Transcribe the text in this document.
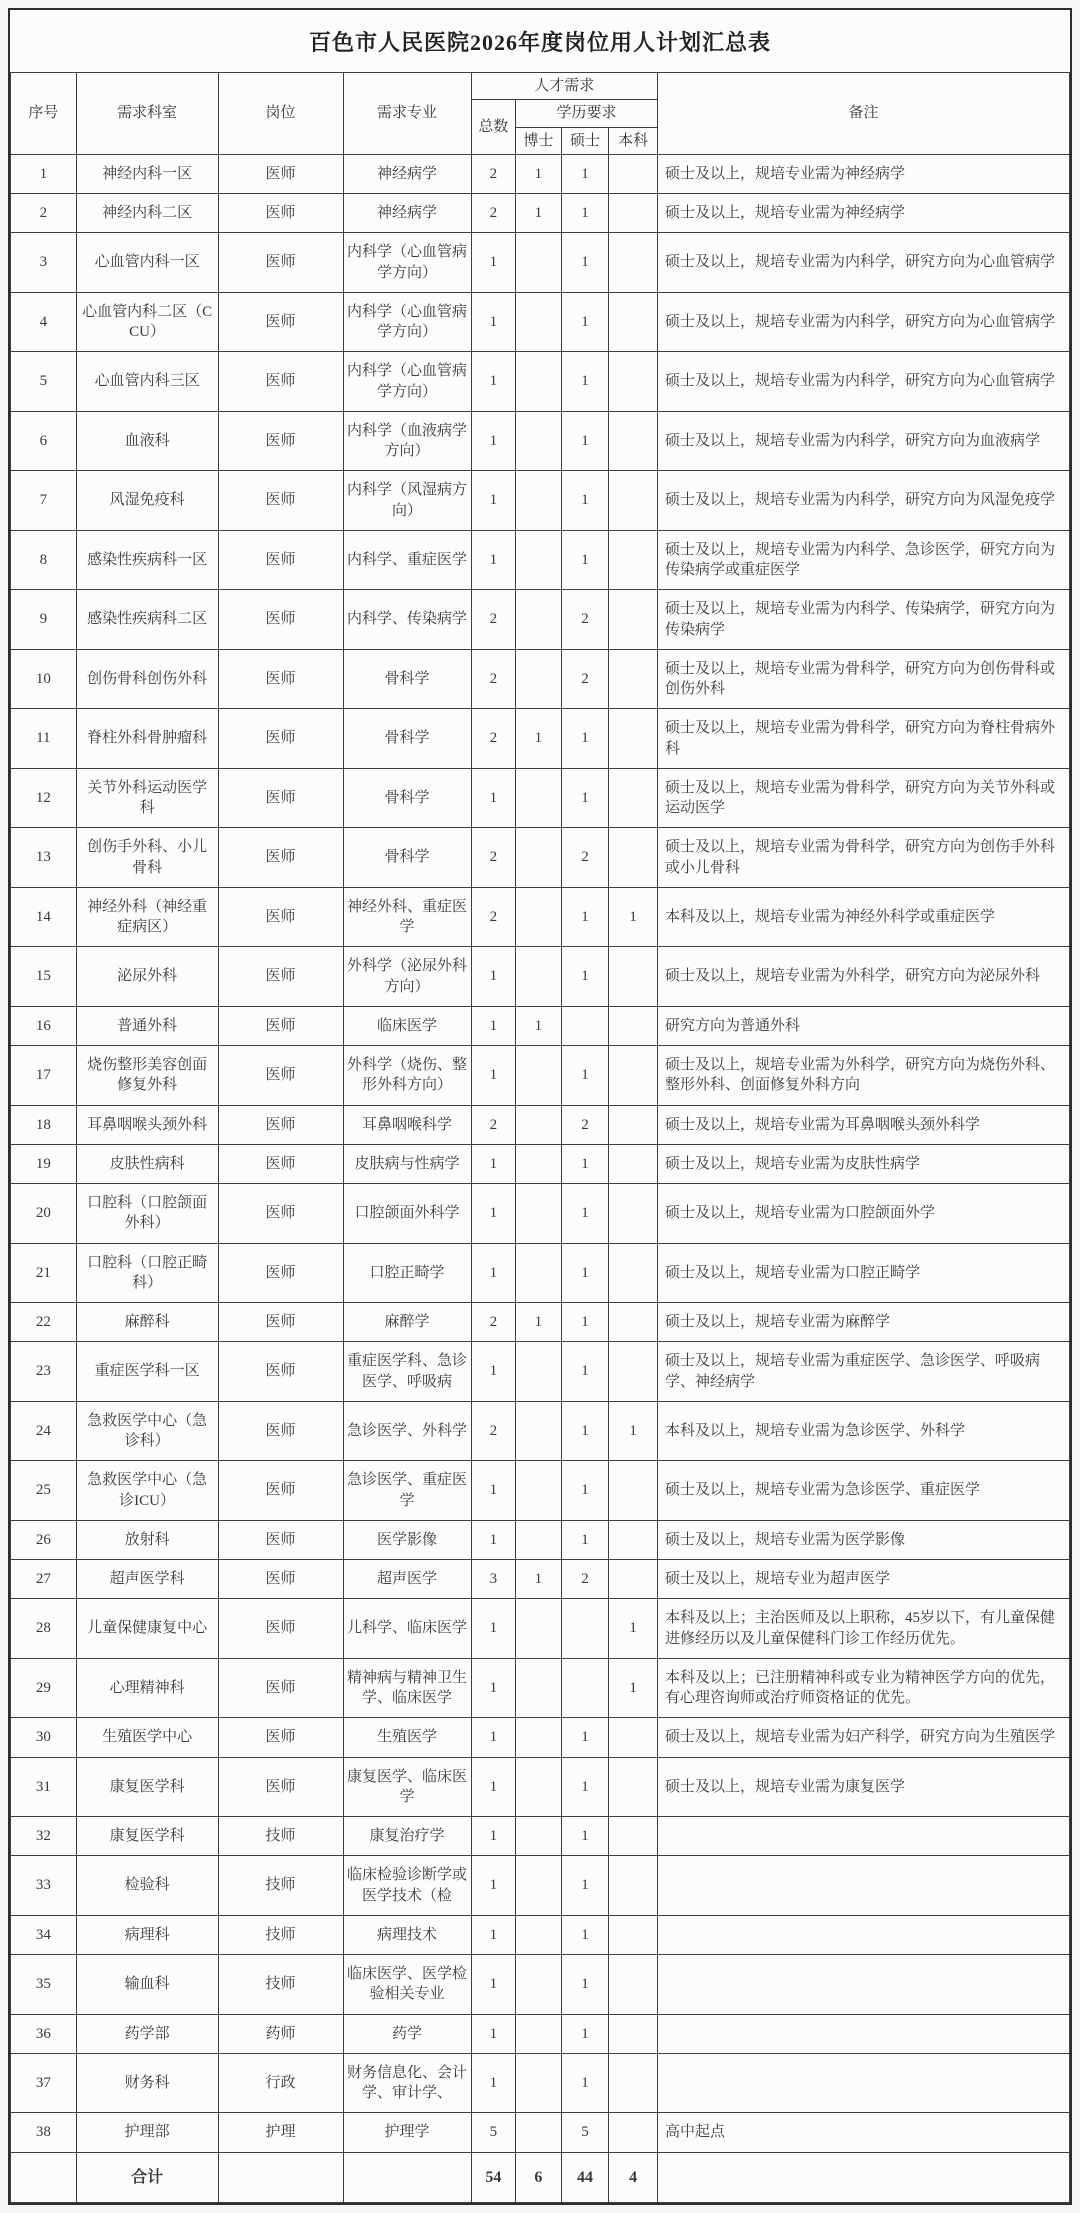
百色市人民医院2026年度岗位用人计划汇总表
序号	需求科室	岗位	需求专业	人才需求				备注
				总数	学历要求			
					博士	硕士	本科	
1	神经内科一区	医师	神经病学	2	1	1		硕士及以上，规培专业需为神经病学
2	神经内科二区	医师	神经病学	2	1	1		硕士及以上，规培专业需为神经病学
3	心血管内科一区	医师	内科学（心血管病学方向）	1		1		硕士及以上，规培专业需为内科学，研究方向为心血管病学
4	心血管内科二区（CCU）	医师	内科学（心血管病学方向）	1		1		硕士及以上，规培专业需为内科学，研究方向为心血管病学
5	心血管内科三区	医师	内科学（心血管病学方向）	1		1		硕士及以上，规培专业需为内科学，研究方向为心血管病学
6	血液科	医师	内科学（血液病学方向）	1		1		硕士及以上，规培专业需为内科学，研究方向为血液病学
7	风湿免疫科	医师	内科学（风湿病方向）	1		1		硕士及以上，规培专业需为内科学，研究方向为风湿免疫学
8	感染性疾病科一区	医师	内科学、重症医学	1		1		硕士及以上，规培专业需为内科学、急诊医学，研究方向为传染病学或重症医学
9	感染性疾病科二区	医师	内科学、传染病学	2		2		硕士及以上，规培专业需为内科学、传染病学，研究方向为传染病学
10	创伤骨科创伤外科	医师	骨科学	2		2		硕士及以上，规培专业需为骨科学，研究方向为创伤骨科或创伤外科
11	脊柱外科骨肿瘤科	医师	骨科学	2	1	1		硕士及以上，规培专业需为骨科学，研究方向为脊柱骨病外科
12	关节外科运动医学科	医师	骨科学	1		1		硕士及以上，规培专业需为骨科学，研究方向为关节外科或运动医学
13	创伤手外科、小儿骨科	医师	骨科学	2		2		硕士及以上，规培专业需为骨科学，研究方向为创伤手外科或小儿骨科
14	神经外科（神经重症病区）	医师	神经外科、重症医学	2		1	1	本科及以上，规培专业需为神经外科学或重症医学
15	泌尿外科	医师	外科学（泌尿外科方向）	1		1		硕士及以上，规培专业需为外科学，研究方向为泌尿外科
16	普通外科	医师	临床医学	1	1			研究方向为普通外科
17	烧伤整形美容创面修复外科	医师	外科学（烧伤、整形外科方向）	1		1		硕士及以上，规培专业需为外科学，研究方向为烧伤外科、整形外科、创面修复外科方向
18	耳鼻咽喉头颈外科	医师	耳鼻咽喉科学	2		2		硕士及以上，规培专业需为耳鼻咽喉头颈外科学
19	皮肤性病科	医师	皮肤病与性病学	1		1		硕士及以上，规培专业需为皮肤性病学
20	口腔科（口腔颌面外科）	医师	口腔颌面外科学	1		1		硕士及以上，规培专业需为口腔颌面外学
21	口腔科（口腔正畸科）	医师	口腔正畸学	1		1		硕士及以上，规培专业需为口腔正畸学
22	麻醉科	医师	麻醉学	2	1	1		硕士及以上，规培专业需为麻醉学
23	重症医学科一区	医师	重症医学科、急诊医学、呼吸病	1		1		硕士及以上，规培专业需为重症医学、急诊医学、呼吸病学、神经病学
24	急救医学中心（急诊科）	医师	急诊医学、外科学	2		1	1	本科及以上，规培专业需为急诊医学、外科学
25	急救医学中心（急诊ICU）	医师	急诊医学、重症医学	1		1		硕士及以上，规培专业需为急诊医学、重症医学
26	放射科	医师	医学影像	1		1		硕士及以上，规培专业需为医学影像
27	超声医学科	医师	超声医学	3	1	2		硕士及以上，规培专业为超声医学
28	儿童保健康复中心	医师	儿科学、临床医学	1			1	本科及以上；主治医师及以上职称，45岁以下，有儿童保健进修经历以及儿童保健科门诊工作经历优先。
29	心理精神科	医师	精神病与精神卫生学、临床医学	1			1	本科及以上；已注册精神科或专业为精神医学方向的优先，有心理咨询师或治疗师资格证的优先。
30	生殖医学中心	医师	生殖医学	1		1		硕士及以上，规培专业需为妇产科学，研究方向为生殖医学
31	康复医学科	医师	康复医学、临床医学	1		1		硕士及以上，规培专业需为康复医学
32	康复医学科	技师	康复治疗学	1		1		
33	检验科	技师	临床检验诊断学或医学技术（检	1		1		
34	病理科	技师	病理技术	1		1		
35	输血科	技师	临床医学、医学检验相关专业	1		1		
36	药学部	药师	药学	1		1		
37	财务科	行政	财务信息化、会计学、审计学、	1		1		
38	护理部	护理	护理学	5		5		高中起点
	合计			54	6	44	4	
